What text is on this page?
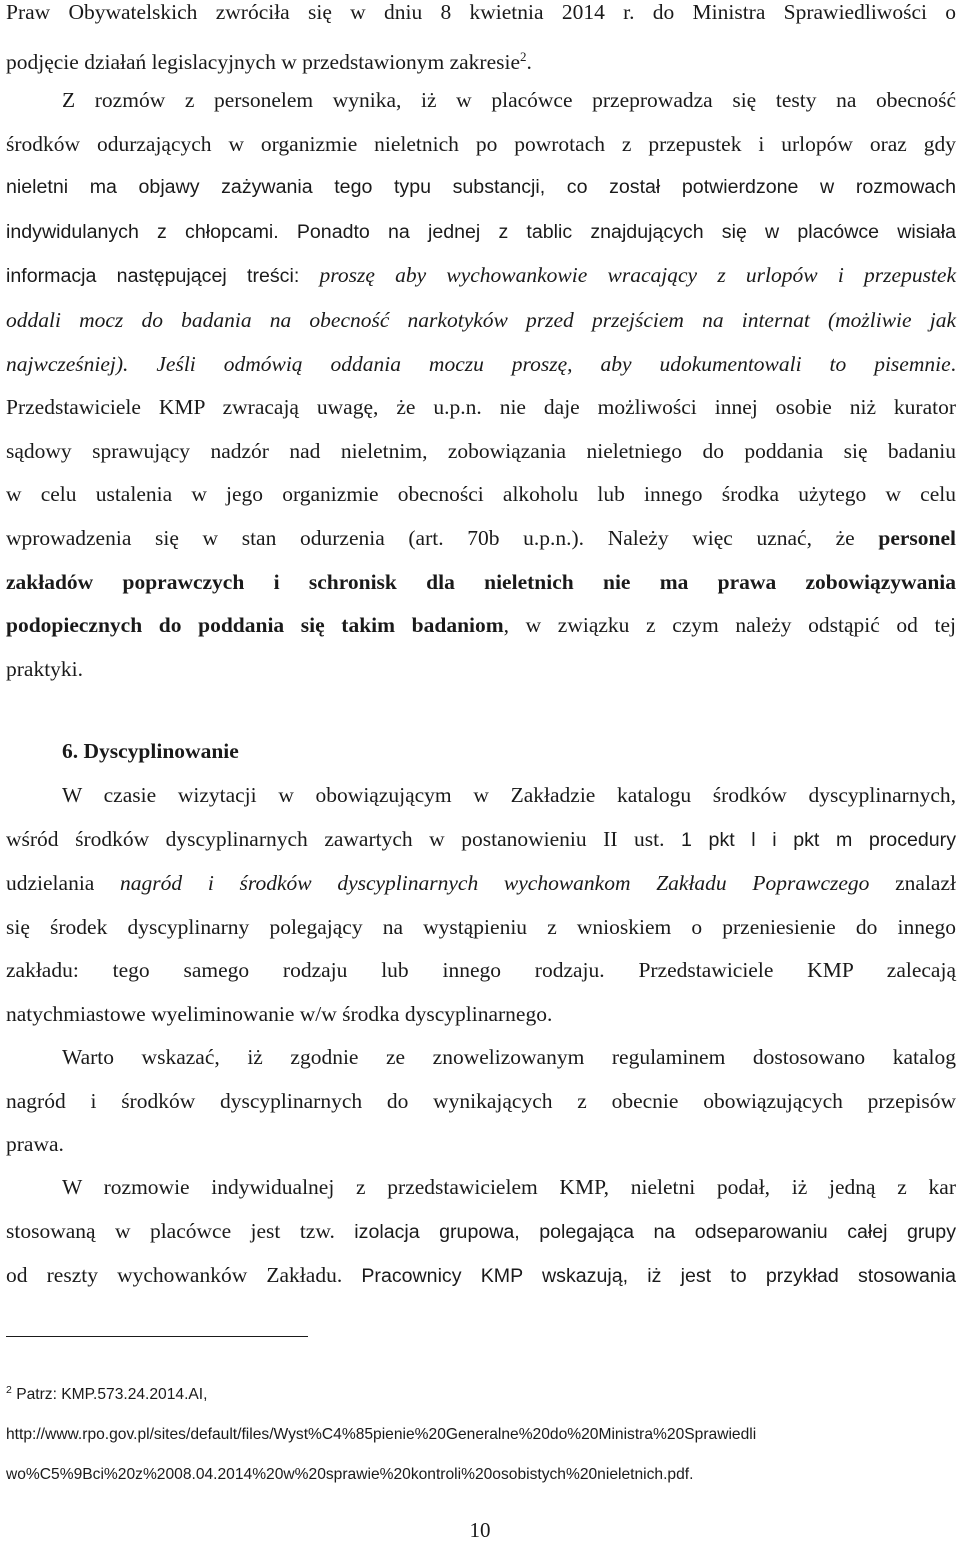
Praw Obywatelskich zwróciła się w dniu 8 kwietnia 2014 r. do Ministra Sprawiedliwości o
podjęcie działań legislacyjnych w przedstawionym zakresie$^2$.
Z rozmów z personelem wynika, iż w placówce przeprowadza się testy na obecność
środków odurzających w organizmie nieletnich po powrotach z przepustek i urlopów oraz gdy
nieletni ma objawy zażywania tego typu substancji, co został potwierdzone w rozmowach
indywidulanych z chłopcami. Ponadto na jednej z tablic znajdujących się w placówce wisiała
informacja następującej treści: proszę aby wychowankowie wracający z urlopów i przepustek
oddali mocz do badania na obecność narkotyków przed przejściem na internat (możliwie jak
najwcześniej). Jeśli odmówią oddania moczu proszę, aby udokumentowali to pisemnie.
Przedstawiciele KMP zwracają uwagę, że u.p.n. nie daje możliwości innej osobie niż kurator
sądowy sprawujący nadzór nad nieletnim, zobowiązania nieletniego do poddania się badaniu
w celu ustalenia w jego organizmie obecności alkoholu lub innego środka użytego w celu
wprowadzenia się w stan odurzenia (art. 70b u.p.n.). Należy więc uznać, że personel
zakładów poprawczych i schronisk dla nieletnich nie ma prawa zobowiązywania
podopiecznych do poddania się takim badaniom, w związku z czym należy odstąpić od tej
praktyki.
6. Dyscyplinowanie
W czasie wizytacji w obowiązującym w Zakładzie katalogu środków dyscyplinarnych,
wśród środków dyscyplinarnych zawartych w postanowieniu II ust. 1 pkt l i pkt m procedury
udzielania nagród i środków dyscyplinarnych wychowankom Zakładu Poprawczego znalazł
się środek dyscyplinarny polegający na wystąpieniu z wnioskiem o przeniesienie do innego
zakładu: tego samego rodzaju lub innego rodzaju. Przedstawiciele KMP zalecają
natychmiastowe wyeliminowanie w/w środka dyscyplinarnego.
Warto wskazać, iż zgodnie ze znowelizowanym regulaminem dostosowano katalog
nagród i środków dyscyplinarnych do wynikających z obecnie obowiązujących przepisów
prawa.
W rozmowie indywidualnej z przedstawicielem KMP, nieletni podał, iż jedną z kar
stosowaną w placówce jest tzw. izolacja grupowa, polegająca na odseparowaniu całej grupy
od reszty wychowanków Zakładu. Pracownicy KMP wskazują, iż jest to przykład stosowania
$^2$ Patrz: KMP.573.24.2014.AI,
http://www.rpo.gov.pl/sites/default/files/Wyst%C4%85pienie%20Generalne%20do%20Ministra%20Sprawiedli
wo%C5%9Bci%20z%2008.04.2014%20w%20sprawie%20kontroli%20osobistych%20nieletnich.pdf.
10
